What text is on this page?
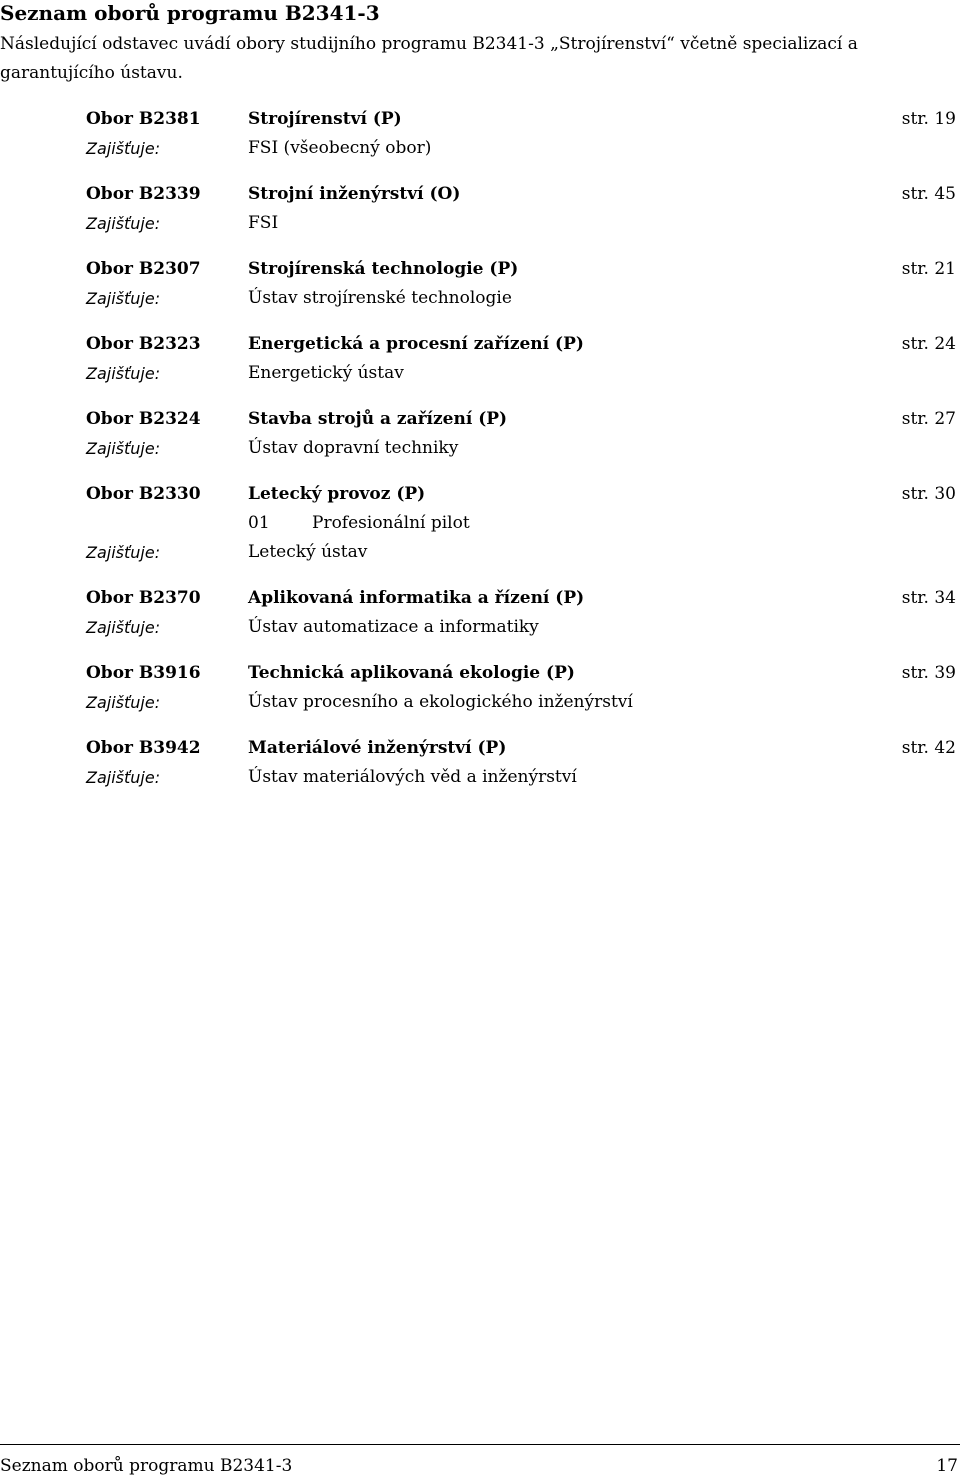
Seznam oborů programu B2341-3

Následující odstavec uvádí obory studijního programu B2341-3 „Strojírenství“ včetně specializací a garantujícího ústavu.

Obor B2381	Strojírenství (P)	str. 19
Zajišťuje:	FSI (všeobecný obor)
Obor B2339	Strojní inženýrství (O)	str. 45
Zajišťuje:	FSI
Obor B2307	Strojírenská technologie (P)	str. 21
Zajišťuje:	Ústav strojírenské technologie
Obor B2323	Energetická a procesní zařízení (P)	str. 24
Zajišťuje:	Energetický ústav
Obor B2324	Stavba strojů a zařízení (P)	str. 27
Zajišťuje:	Ústav dopravní techniky
Obor B2330	Letecký provoz (P)	str. 30
01 Profesionální pilot
Zajišťuje:	Letecký ústav
Obor B2370	Aplikovaná informatika a řízení (P)	str. 34
Zajišťuje:	Ústav automatizace a informatiky
Obor B3916	Technická aplikovaná ekologie (P)	str. 39
Zajišťuje:	Ústav procesního a ekologického inženýrství
Obor B3942	Materiálové inženýrství (P)	str. 42
Zajišťuje:	Ústav materiálových věd a inženýrství
Seznam oborů programu B2341-3	17
